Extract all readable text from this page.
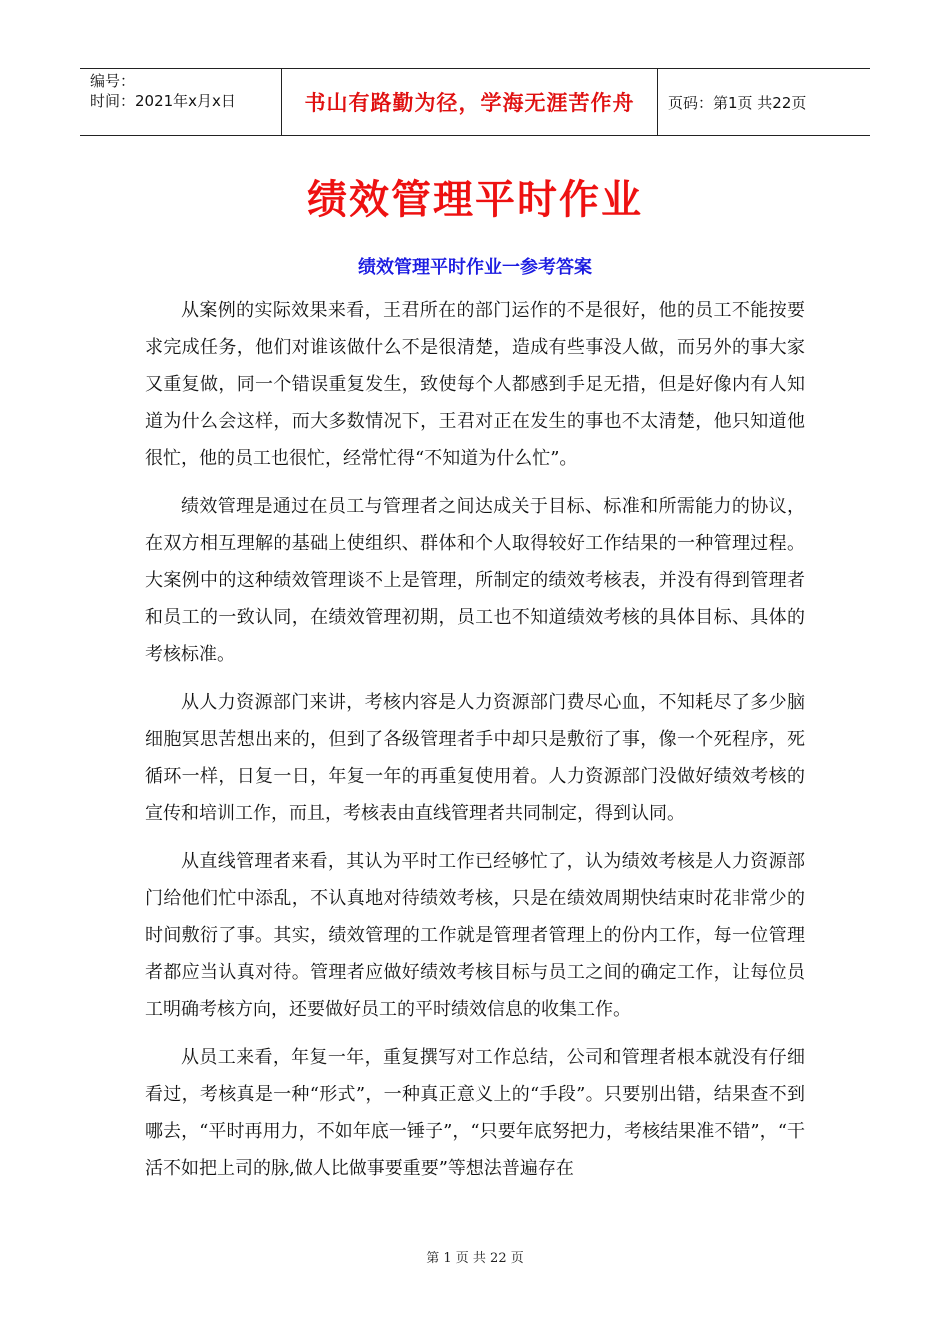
编号：
时间：2021年x月x日	书山有路勤为径，学海无涯苦作舟 页码：第1页 共22页
绩效管理平时作业
绩效管理平时作业一参考答案

从案例的实际效果来看，王君所在的部门运作的不是很好，他的员工不能按要求完成任务，他们对谁该做什么不是很清楚，造成有些事没人做，而另外的事大家又重复做，同一个错误重复发生，致使每个人都感到手足无措，但是好像内有人知道为什么会这样，而大多数情况下，王君对正在发生的事也不太清楚，他只知道他很忙，他的员工也很忙，经常忙得“不知道为什么忙”。

绩效管理是通过在员工与管理者之间达成关于目标、标准和所需能力的协议，在双方相互理解的基础上使组织、群体和个人取得较好工作结果的一种管理过程。大案例中的这种绩效管理谈不上是管理，所制定的绩效考核表，并没有得到管理者和员工的一致认同，在绩效管理初期，员工也不知道绩效考核的具体目标、具体的考核标准。

从人力资源部门来讲，考核内容是人力资源部门费尽心血，不知耗尽了多少脑细胞冥思苦想出来的，但到了各级管理者手中却只是敷衍了事，像一个死程序，死循环一样，日复一日，年复一年的再重复使用着。人力资源部门没做好绩效考核的宣传和培训工作，而且，考核表由直线管理者共同制定，得到认同。

从直线管理者来看，其认为平时工作已经够忙了，认为绩效考核是人力资源部门给他们忙中添乱，不认真地对待绩效考核，只是在绩效周期快结束时花非常少的时间敷衍了事。其实，绩效管理的工作就是管理者管理上的份内工作，每一位管理者都应当认真对待。管理者应做好绩效考核目标与员工之间的确定工作，让每位员工明确考核方向，还要做好员工的平时绩效信息的收集工作。

从员工来看，年复一年，重复撰写对工作总结，公司和管理者根本就没有仔细看过，考核真是一种“形式”，一种真正意义上的“手段”。只要别出错，结果查不到哪去，“平时再用力，不如年底一锤子”，“只要年底努把力，考核结果准不错”，“干活不如把上司的脉,做人比做事要重要”等想法普遍存在

第 1 页 共 22 页
